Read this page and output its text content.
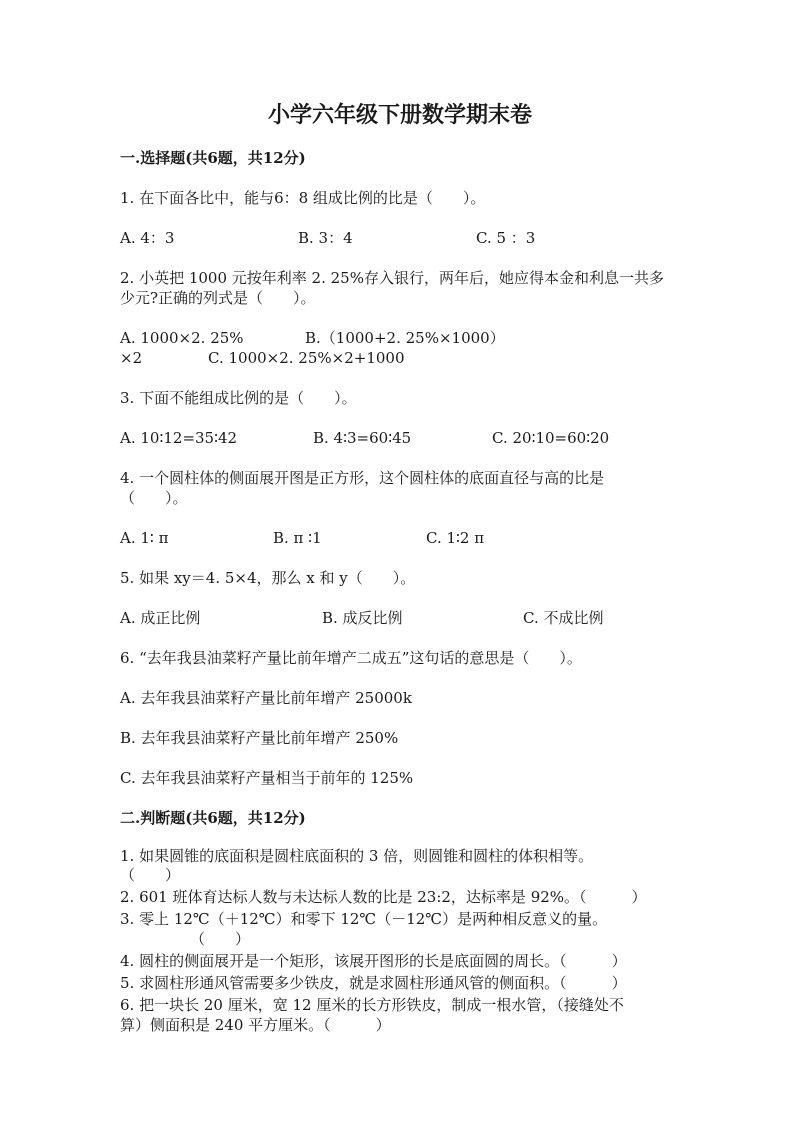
小学六年级下册数学期末卷
一.选择题(共6题，共12分)
1. 在下面各比中，能与6：8 组成比例的比是（　　）。
A. 4：3	B. 3：4	C. 5 ：3
2. 小英把 1000 元按年利率 2. 25%存入银行，两年后，她应得本金和利息一共多
少元?正确的列式是（　　）。
A. 1000×2. 25%	B.（1000+2. 25%×1000）
×2	C. 1000×2. 25%×2+1000
3. 下面不能组成比例的是（　　）。
A. 10∶12=35∶42	B. 4∶3=60∶45	C. 20∶10=60∶20
4. 一个圆柱体的侧面展开图是正方形，这个圆柱体的底面直径与高的比是
（　　）。
A. 1∶ π	B. π ∶1	C. 1∶2 π
5. 如果 xy＝4. 5×4，那么 x 和 y（　　）。
A. 成正比例	B. 成反比例	C. 不成比例
6. “去年我县油菜籽产量比前年增产二成五”这句话的意思是（　　）。
A. 去年我县油菜籽产量比前年增产 25000k
B. 去年我县油菜籽产量比前年增产 250%
C. 去年我县油菜籽产量相当于前年的 125%
二.判断题(共6题，共12分)
1. 如果圆锥的底面积是圆柱底面积的 3 倍，则圆锥和圆柱的体积相等。
（　　）
2. 601 班体育达标人数与未达标人数的比是 23:2，达标率是 92%。（　　　）
3. 零上 12℃（＋12℃）和零下 12℃（－12℃）是两种相反意义的量。
（　　）
4. 圆柱的侧面展开是一个矩形，该展开图形的长是底面圆的周长。（　　　）
5. 求圆柱形通风管需要多少铁皮，就是求圆柱形通风管的侧面积。（　　　）
6. 把一块长 20 厘米，宽 12 厘米的长方形铁皮，制成一根水管，（接缝处不
算）侧面积是 240 平方厘米。（　　　）
